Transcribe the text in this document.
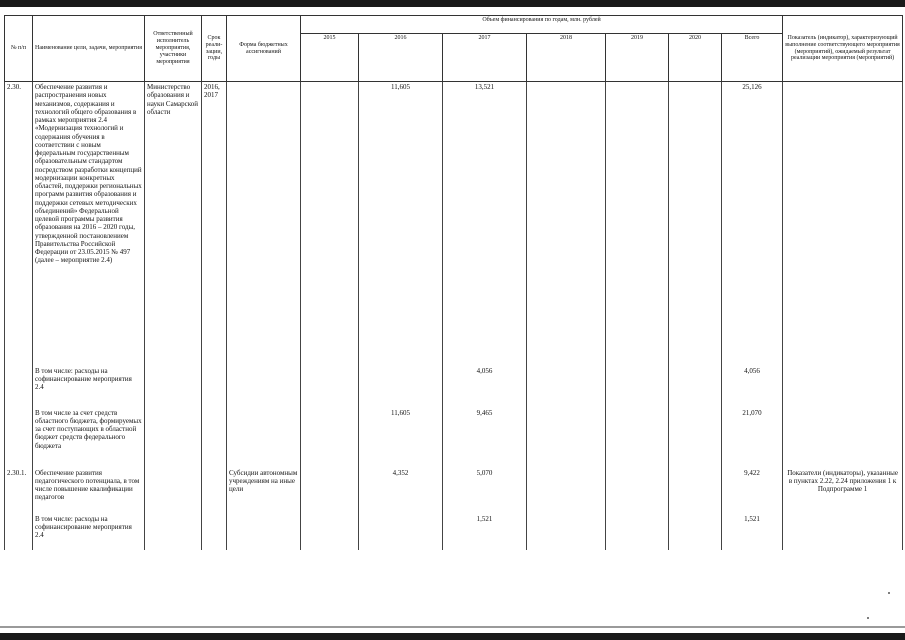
№ п/п	Наименование цели, задачи, мероприятия	Ответственный исполнитель мероприятия, участники мероприятия	Срок реали-зации, годы	Форма бюджетных ассигнований	Объем финансирования по годам, млн. рублей							Показатель (индикатор), характеризующий выполнение соответствующего мероприятия (мероприятий), ожидаемый результат реализации мероприятия (мероприятий)
					2015	2016	2017	2018	2019	2020	Всего	
2.30.	Обеспечение развития и распространения новых механизмов, содержания и технологий общего образования в рамках мероприятия 2.4 «Модернизация технологий и содержания обучения в соответствии с новым федеральным государственным образовательным стандартом посредством разработки концепций модернизации конкретных областей, поддержки региональных программ развития образования и поддержки сетевых методических объединений» Федеральной целевой программы развития образования на 2016 – 2020 годы, утвержденной постановлением Правительства Российской Федерации от 23.05.2015 № 497 (далее – мероприятие 2.4)	Министерство образования и науки Самарской области	2016, 2017			11,605	13,521				25,126	
	В том числе: расходы на софинансирование мероприятия 2.4						4,056				4,056	
	В том числе за счет средств областного бюджета, формируемых за счет поступающих в областной бюджет средств федерального бюджета					11,605	9,465				21,070	
2.30.1.	Обеспечение развития педагогического потенциала, в том числе повышение квалификации педагогов			Субсидии автономным учреждениям на иные цели		4,352	5,070				9,422	Показатели (индикаторы), указанные в пунктах 2.22, 2.24 приложения 1 к Подпрограмме 1
	В том числе: расходы на софинансирование мероприятия 2.4						1,521				1,521	
